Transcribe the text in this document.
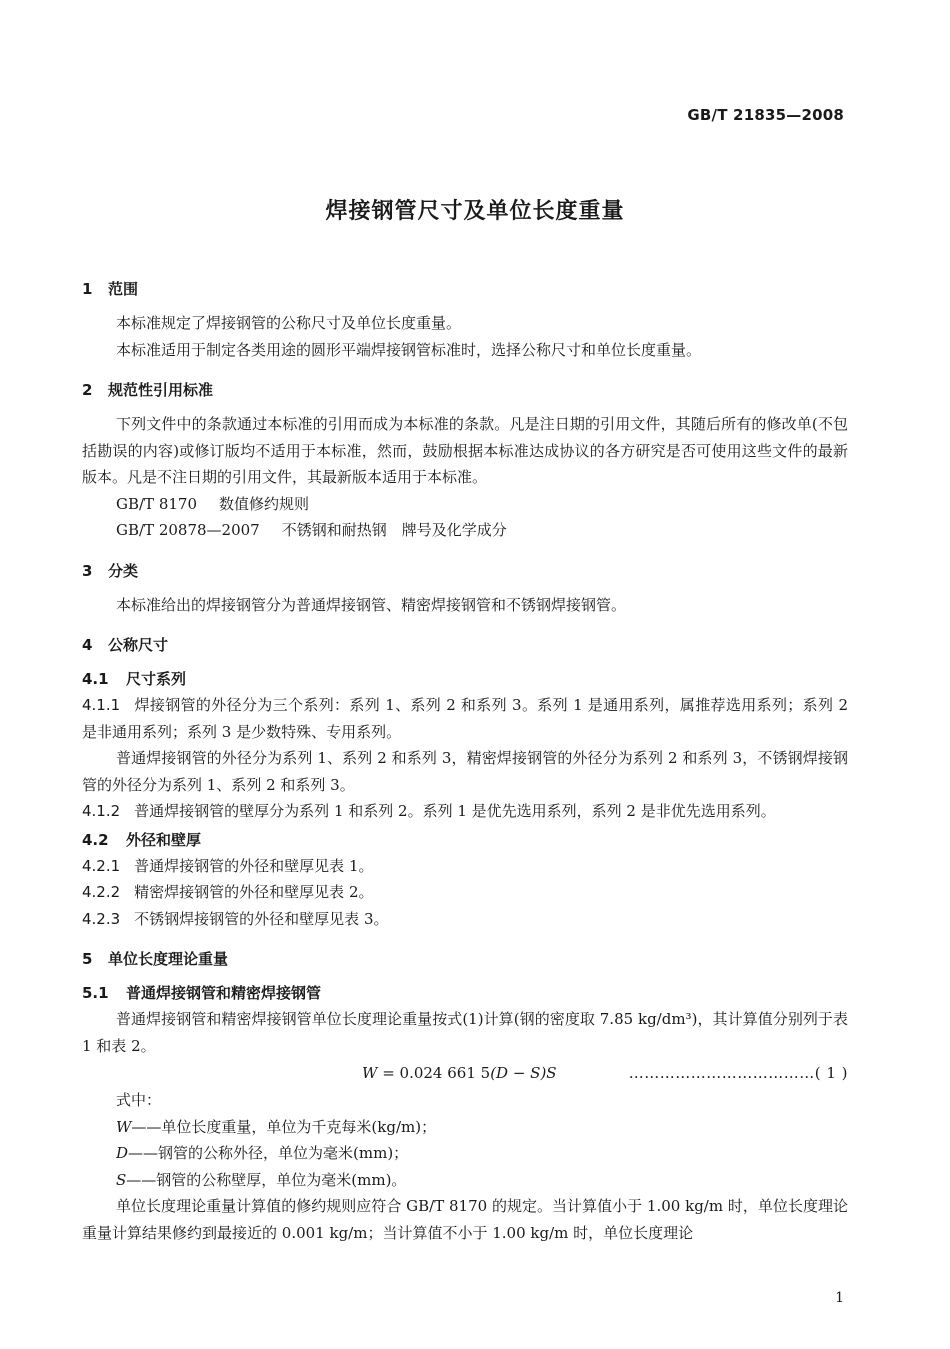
GB/T 21835—2008
焊接钢管尺寸及单位长度重量
1 范围
本标准规定了焊接钢管的公称尺寸及单位长度重量。
本标准适用于制定各类用途的圆形平端焊接钢管标准时，选择公称尺寸和单位长度重量。
2 规范性引用标准
下列文件中的条款通过本标准的引用而成为本标准的条款。凡是注日期的引用文件，其随后所有的修改单(不包括勘误的内容)或修订版均不适用于本标准，然而，鼓励根据本标准达成协议的各方研究是否可使用这些文件的最新版本。凡是不注日期的引用文件，其最新版本适用于本标准。
GB/T 8170 数值修约规则
GB/T 20878—2007 不锈钢和耐热钢　牌号及化学成分
3 分类
本标准给出的焊接钢管分为普通焊接钢管、精密焊接钢管和不锈钢焊接钢管。
4 公称尺寸
4.1 尺寸系列
4.1.1 焊接钢管的外径分为三个系列：系列 1、系列 2 和系列 3。系列 1 是通用系列，属推荐选用系列；系列 2 是非通用系列；系列 3 是少数特殊、专用系列。
普通焊接钢管的外径分为系列 1、系列 2 和系列 3，精密焊接钢管的外径分为系列 2 和系列 3，不锈钢焊接钢管的外径分为系列 1、系列 2 和系列 3。
4.1.2 普通焊接钢管的壁厚分为系列 1 和系列 2。系列 1 是优先选用系列，系列 2 是非优先选用系列。
4.2 外径和壁厚
4.2.1 普通焊接钢管的外径和壁厚见表 1。
4.2.2 精密焊接钢管的外径和壁厚见表 2。
4.2.3 不锈钢焊接钢管的外径和壁厚见表 3。
5 单位长度理论重量
5.1 普通焊接钢管和精密焊接钢管
普通焊接钢管和精密焊接钢管单位长度理论重量按式(1)计算(钢的密度取 7.85 kg/dm³)，其计算值分别列于表 1 和表 2。
W = 0.024 661 5(D − S)S	………………………………( 1 )
式中：
W——单位长度重量，单位为千克每米(kg/m)；
D——钢管的公称外径，单位为毫米(mm)；
S——钢管的公称壁厚，单位为毫米(mm)。
单位长度理论重量计算值的修约规则应符合 GB/T 8170 的规定。当计算值小于 1.00 kg/m 时，单位长度理论重量计算结果修约到最接近的 0.001 kg/m；当计算值不小于 1.00 kg/m 时，单位长度理论
1
